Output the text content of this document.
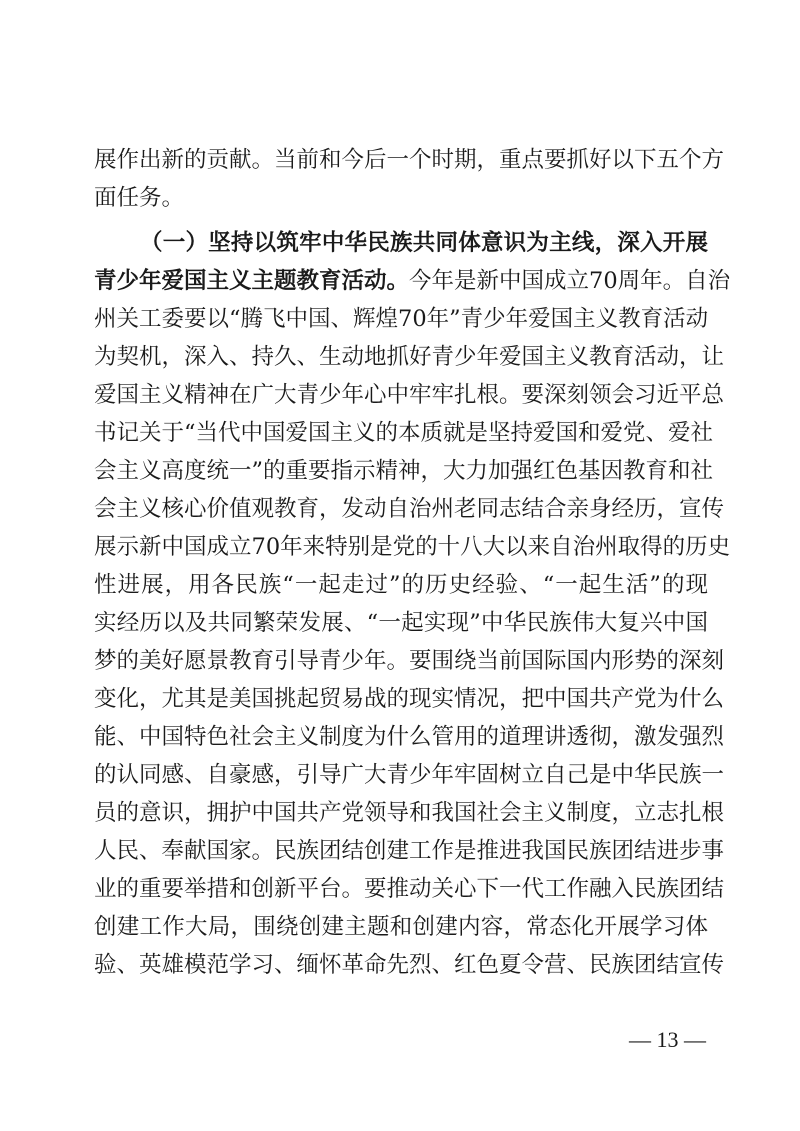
展作出新的贡献。当前和今后一个时期，重点要抓好以下五个方
面任务。
（一）坚持以筑牢中华民族共同体意识为主线，深入开展
青少年爱国主义主题教育活动。今年是新中国成立70周年。自治
州关工委要以“腾飞中国、辉煌70年”青少年爱国主义教育活动
为契机，深入、持久、生动地抓好青少年爱国主义教育活动，让
爱国主义精神在广大青少年心中牢牢扎根。要深刻领会习近平总
书记关于“当代中国爱国主义的本质就是坚持爱国和爱党、爱社
会主义高度统一”的重要指示精神，大力加强红色基因教育和社
会主义核心价值观教育，发动自治州老同志结合亲身经历，宣传
展示新中国成立70年来特别是党的十八大以来自治州取得的历史
性进展，用各民族“一起走过”的历史经验、“一起生活”的现
实经历以及共同繁荣发展、“一起实现”中华民族伟大复兴中国
梦的美好愿景教育引导青少年。要围绕当前国际国内形势的深刻
变化，尤其是美国挑起贸易战的现实情况，把中国共产党为什么
能、中国特色社会主义制度为什么管用的道理讲透彻，激发强烈
的认同感、自豪感，引导广大青少年牢固树立自己是中华民族一
员的意识，拥护中国共产党领导和我国社会主义制度，立志扎根
人民、奉献国家。民族团结创建工作是推进我国民族团结进步事
业的重要举措和创新平台。要推动关心下一代工作融入民族团结
创建工作大局，围绕创建主题和创建内容，常态化开展学习体
验、英雄模范学习、缅怀革命先烈、红色夏令营、民族团结宣传
— 13 —
